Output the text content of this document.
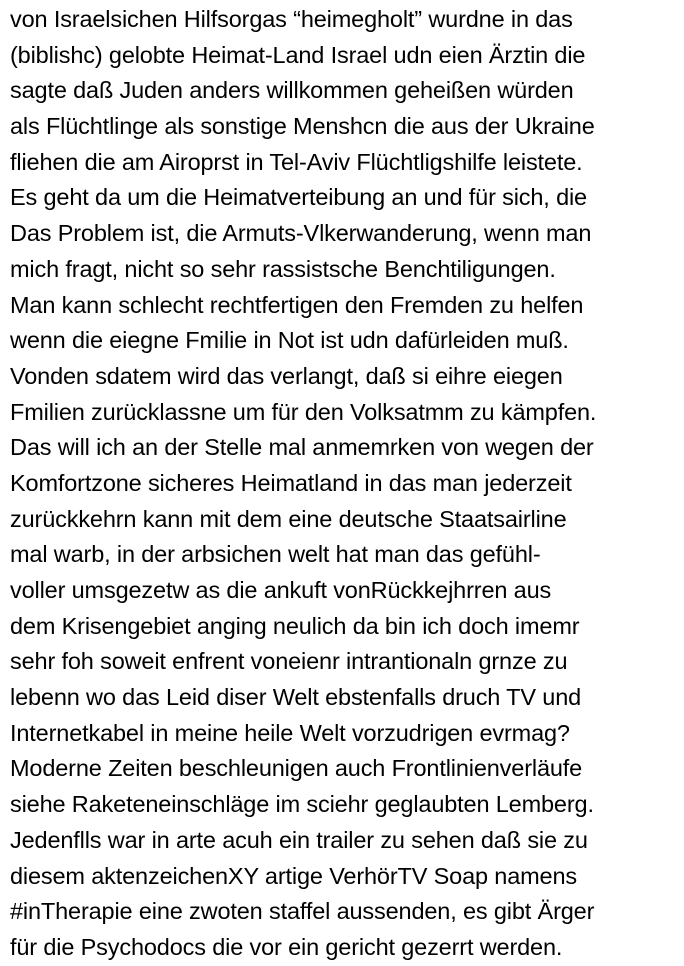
von Israelsichen Hilfsorgas “heimegholt” wurdne in das
(biblishc) gelobte Heimat-Land Israel udn eien Ärztin die
sagte daß Juden anders willkommen geheißen würden
als Flüchtlinge als sonstige Menshcn die aus der Ukraine
fliehen die am Airoprst in Tel-Aviv Flüchtligshilfe leistete.
Es geht da um die Heimatverteibung an und für sich, die
Das Problem ist, die Armuts-Vlkerwanderung, wenn man
mich fragt, nicht so sehr rassistsche Benchtiligungen.
Man kann schlecht rechtfertigen den Fremden zu helfen
wenn die eiegne Fmilie in Not ist udn dafürleiden muß.
Vonden sdatem wird das verlangt, daß si eihre eiegen
Fmilien zurücklassne um für den Volksatmm zu kämpfen.
Das will ich an der Stelle mal anmemrken von wegen der
Komfortzone sicheres Heimatland in das man jederzeit
zurückkehrn kann mit dem eine deutsche Staatsairline
mal warb, in der arbsichen welt hat man das gefühl-
voller umsgezetw as die ankuft vonRückkejhrren aus
dem Krisengebiet anging neulich da bin ich doch imemr
sehr foh soweit enfrent voneienr intrantionaln grnze zu
lebenn wo das Leid diser Welt ebstenfalls druch TV und
Internetkabel in meine heile Welt vorzudrigen evrmag?
Moderne Zeiten beschleunigen auch Frontlinienverläufe
siehe Raketeneinschläge im sciehr geglaubten Lemberg.
Jedenflls war in arte acuh ein trailer zu sehen daß sie zu
diesem aktenzeichenXY artige VerhörTV Soap namens
#inTherapie eine zwoten staffel aussenden, es gibt Ärger
für die Psychodocs die vor ein gericht gezerrt werden.
